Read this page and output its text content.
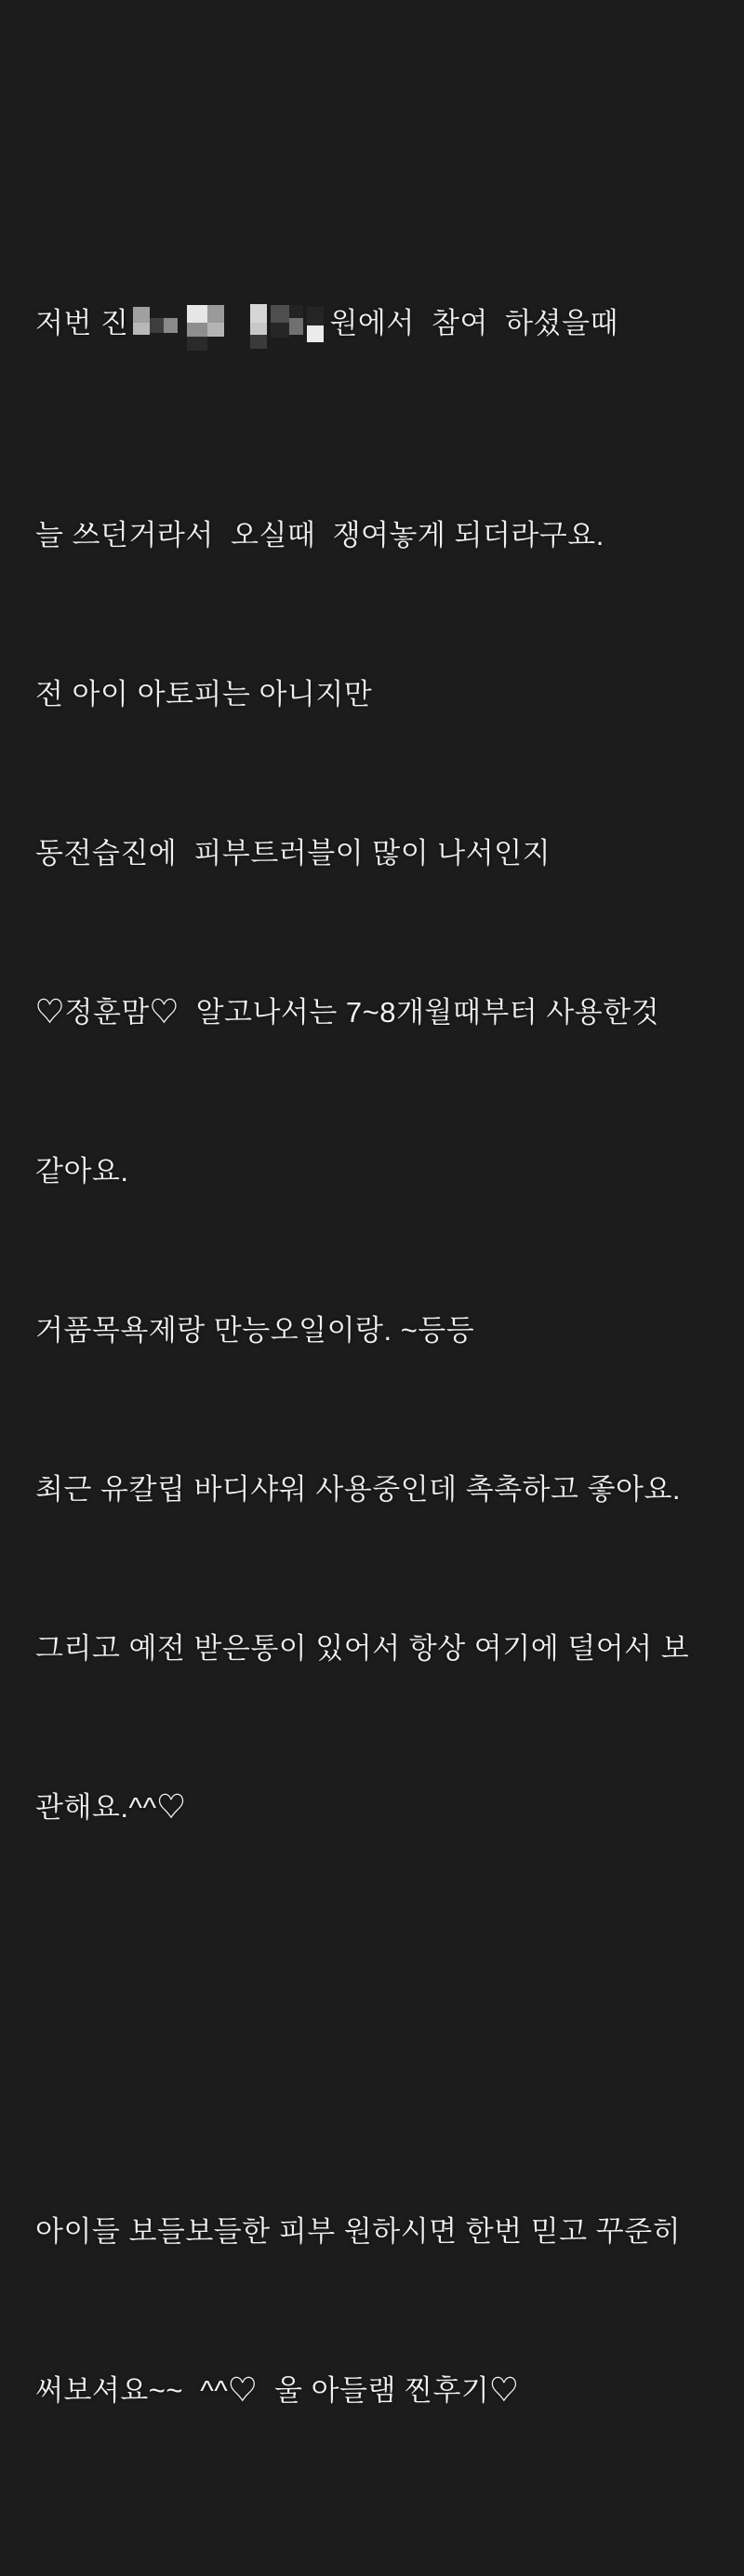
저번 진	원에서  참여  하셨을때

늘 쓰던거라서  오실때  쟁여놓게 되더라구요.

전 아이 아토피는 아니지만

동전습진에  피부트러블이 많이 나서인지

♡정훈맘♡  알고나서는 7~8개월때부터 사용한것

같아요.

거품목욕제랑 만능오일이랑. ~등등

최근 유칼립 바디샤워 사용중인데 촉촉하고 좋아요.

그리고 예전 받은통이 있어서 항상 여기에 덜어서 보

관해요.^^♡

아이들 보들보들한 피부 원하시면 한번 믿고 꾸준히

써보셔요~~  ^^♡  울 아들램 찐후기♡
